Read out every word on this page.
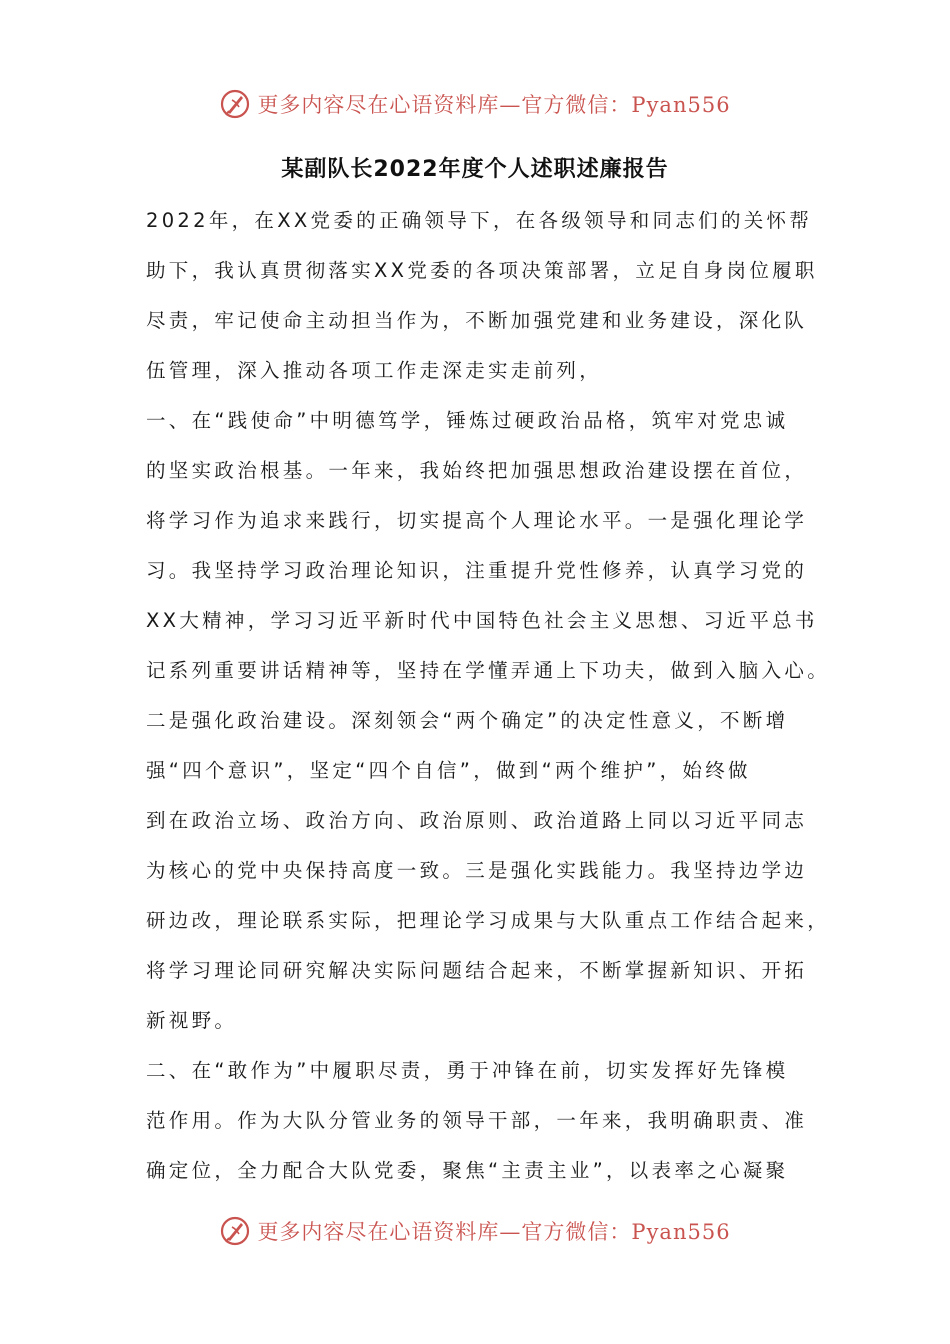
更多内容尽在心语资料库—官方微信：Pyan556
某副队长2022年度个人述职述廉报告
2022年，在XX党委的正确领导下，在各级领导和同志们的关怀帮
助下，我认真贯彻落实XX党委的各项决策部署，立足自身岗位履职
尽责，牢记使命主动担当作为，不断加强党建和业务建设，深化队
伍管理，深入推动各项工作走深走实走前列，
一、在“践使命”中明德笃学，锤炼过硬政治品格，筑牢对党忠诚
的坚实政治根基。一年来，我始终把加强思想政治建设摆在首位，
将学习作为追求来践行，切实提高个人理论水平。一是强化理论学
习。我坚持学习政治理论知识，注重提升党性修养，认真学习党的
XX大精神，学习习近平新时代中国特色社会主义思想、习近平总书
记系列重要讲话精神等，坚持在学懂弄通上下功夫，做到入脑入心。
二是强化政治建设。深刻领会“两个确定”的决定性意义，不断增
强“四个意识”，坚定“四个自信”，做到“两个维护”，始终做
到在政治立场、政治方向、政治原则、政治道路上同以习近平同志
为核心的党中央保持高度一致。三是强化实践能力。我坚持边学边
研边改，理论联系实际，把理论学习成果与大队重点工作结合起来，
将学习理论同研究解决实际问题结合起来，不断掌握新知识、开拓
新视野。
二、在“敢作为”中履职尽责，勇于冲锋在前，切实发挥好先锋模
范作用。作为大队分管业务的领导干部，一年来，我明确职责、准
确定位，全力配合大队党委，聚焦“主责主业”，以表率之心凝聚
更多内容尽在心语资料库—官方微信：Pyan556
